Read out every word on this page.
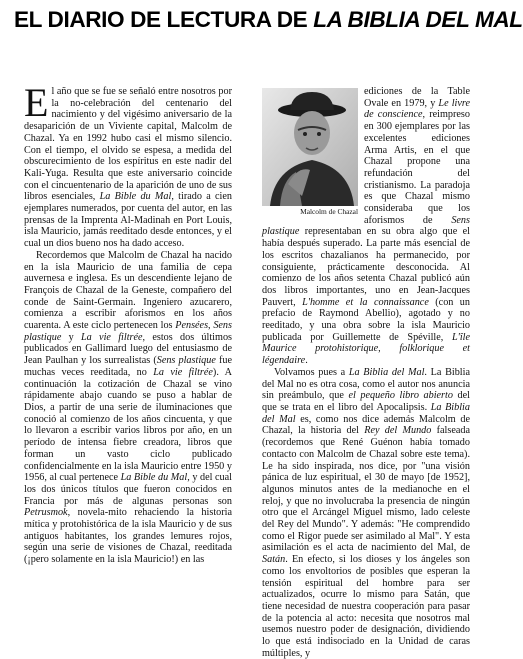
EL DIARIO DE LECTURA DE LA BIBLIA DEL MAL

El año que se fue se señaló entre nosotros por la no-celebración del centenario del nacimiento y del vigésimo aniversario de la desaparición de un Viviente capital, Malcolm de Chazal. Ya en 1992 hubo casi el mismo silencio. Con el tiempo, el olvido se espesa, a medida del obscurecimiento de los espíritus en este nadir del Kali-Yuga. Resulta que este aniversario coincide con el cincuentenario de la aparición de uno de sus libros esenciales, La Bible du Mal, tirado a cien ejemplares numerados, por cuenta del autor, en las prensas de la Imprenta Al-Madinah en Port Louis, isla Mauricio, jamás reeditado desde entonces, y el cual un dios bueno nos ha dado acceso.

Recordemos que Malcolm de Chazal ha nacido en la isla Mauricio de una familia de cepa auvernesa e inglesa. Es un descendiente lejano de François de Chazal de la Geneste, compañero del conde de Saint-Germain. Ingeniero azucarero, comienza a escribir aforismos en los años cuarenta. A este ciclo pertenecen los Pensées, Sens plastique y La vie filtrée, estos dos últimos publicados en Gallimard luego del entusiasmo de Jean Paulhan y los surrealistas (Sens plastique fue muchas veces reeditada, no La vie filtrée). A continuación la cotización de Chazal se vino rápidamente abajo cuando se puso a hablar de Dios, a partir de una serie de iluminaciones que conoció al comienzo de los años cincuenta, y que lo llevaron a escribir varios libros por año, en un período de intensa fiebre creadora, libros que forman un vasto ciclo publicado confidencialmente en la isla Mauricio entre 1950 y 1956, al cual pertenece La Bible du Mal, y del cual los dos únicos títulos que fueron conocidos en Francia por más de algunas personas son Petrusmok, novela-mito rehaciendo la historia mítica y protohistórica de la isla Mauricio y de sus antiguos habitantes, los grandes lemures rojos, según una serie de visiones de Chazal, reeditada (¡pero solamente en la isla Mauricio!) en las

Malcolm de Chazal

ediciones de la Table Ovale en 1979, y Le livre de conscience, reimpreso en 300 ejemplares por las excelentes ediciones Arma Artis, en el que Chazal propone una refundación del cristianismo. La paradoja es que Chazal mismo consideraba que los aforismos de Sens plastique representaban en su obra algo que el había después superado. La parte más esencial de los escritos chazalianos ha permanecido, por consiguiente, prácticamente desconocida. Al comienzo de los años setenta Chazal publicó aún dos libros importantes, uno en Jean-Jacques Pauvert, L'homme et la connaissance (con un prefacio de Raymond Abellio), agotado y no reeditado, y una obra sobre la isla Mauricio publicada por Guillemette de Spéville, L'île Maurice protohistorique, folklorique et légendaire.

Volvamos pues a La Biblia del Mal. La Biblia del Mal no es otra cosa, como el autor nos anuncia sin preámbulo, que el pequeño libro abierto del que se trata en el libro del Apocalipsis. La Biblia del Mal es, como nos dice además Malcolm de Chazal, la historia del Rey del Mundo falseada (recordemos que René Guénon había tomado contacto con Malcolm de Chazal sobre este tema). Le ha sido inspirada, nos dice, por "una visión pánica de luz espiritual, el 30 de mayo [de 1952], algunos minutos antes de la medianoche en el reloj, y que no involucraba la presencia de ningún otro que el Arcángel Miguel mismo, lado celeste del Rey del Mundo". Y además: "He comprendido como el Rigor puede ser asimilado al Mal". Y esta asimilación es el acta de nacimiento del Mal, de Satán. En efecto, si los dioses y los ángeles son como los envoltorios de posibles que esperan la tensión espiritual del hombre para ser actualizados, ocurre lo mismo para Satán, que tiene necesidad de nuestra cooperación para pasar de la potencia al acto: necesita que nosotros mal usemos nuestro poder de designación, dividiendo lo que está indisociado en la Unidad de caras múltiples, y
